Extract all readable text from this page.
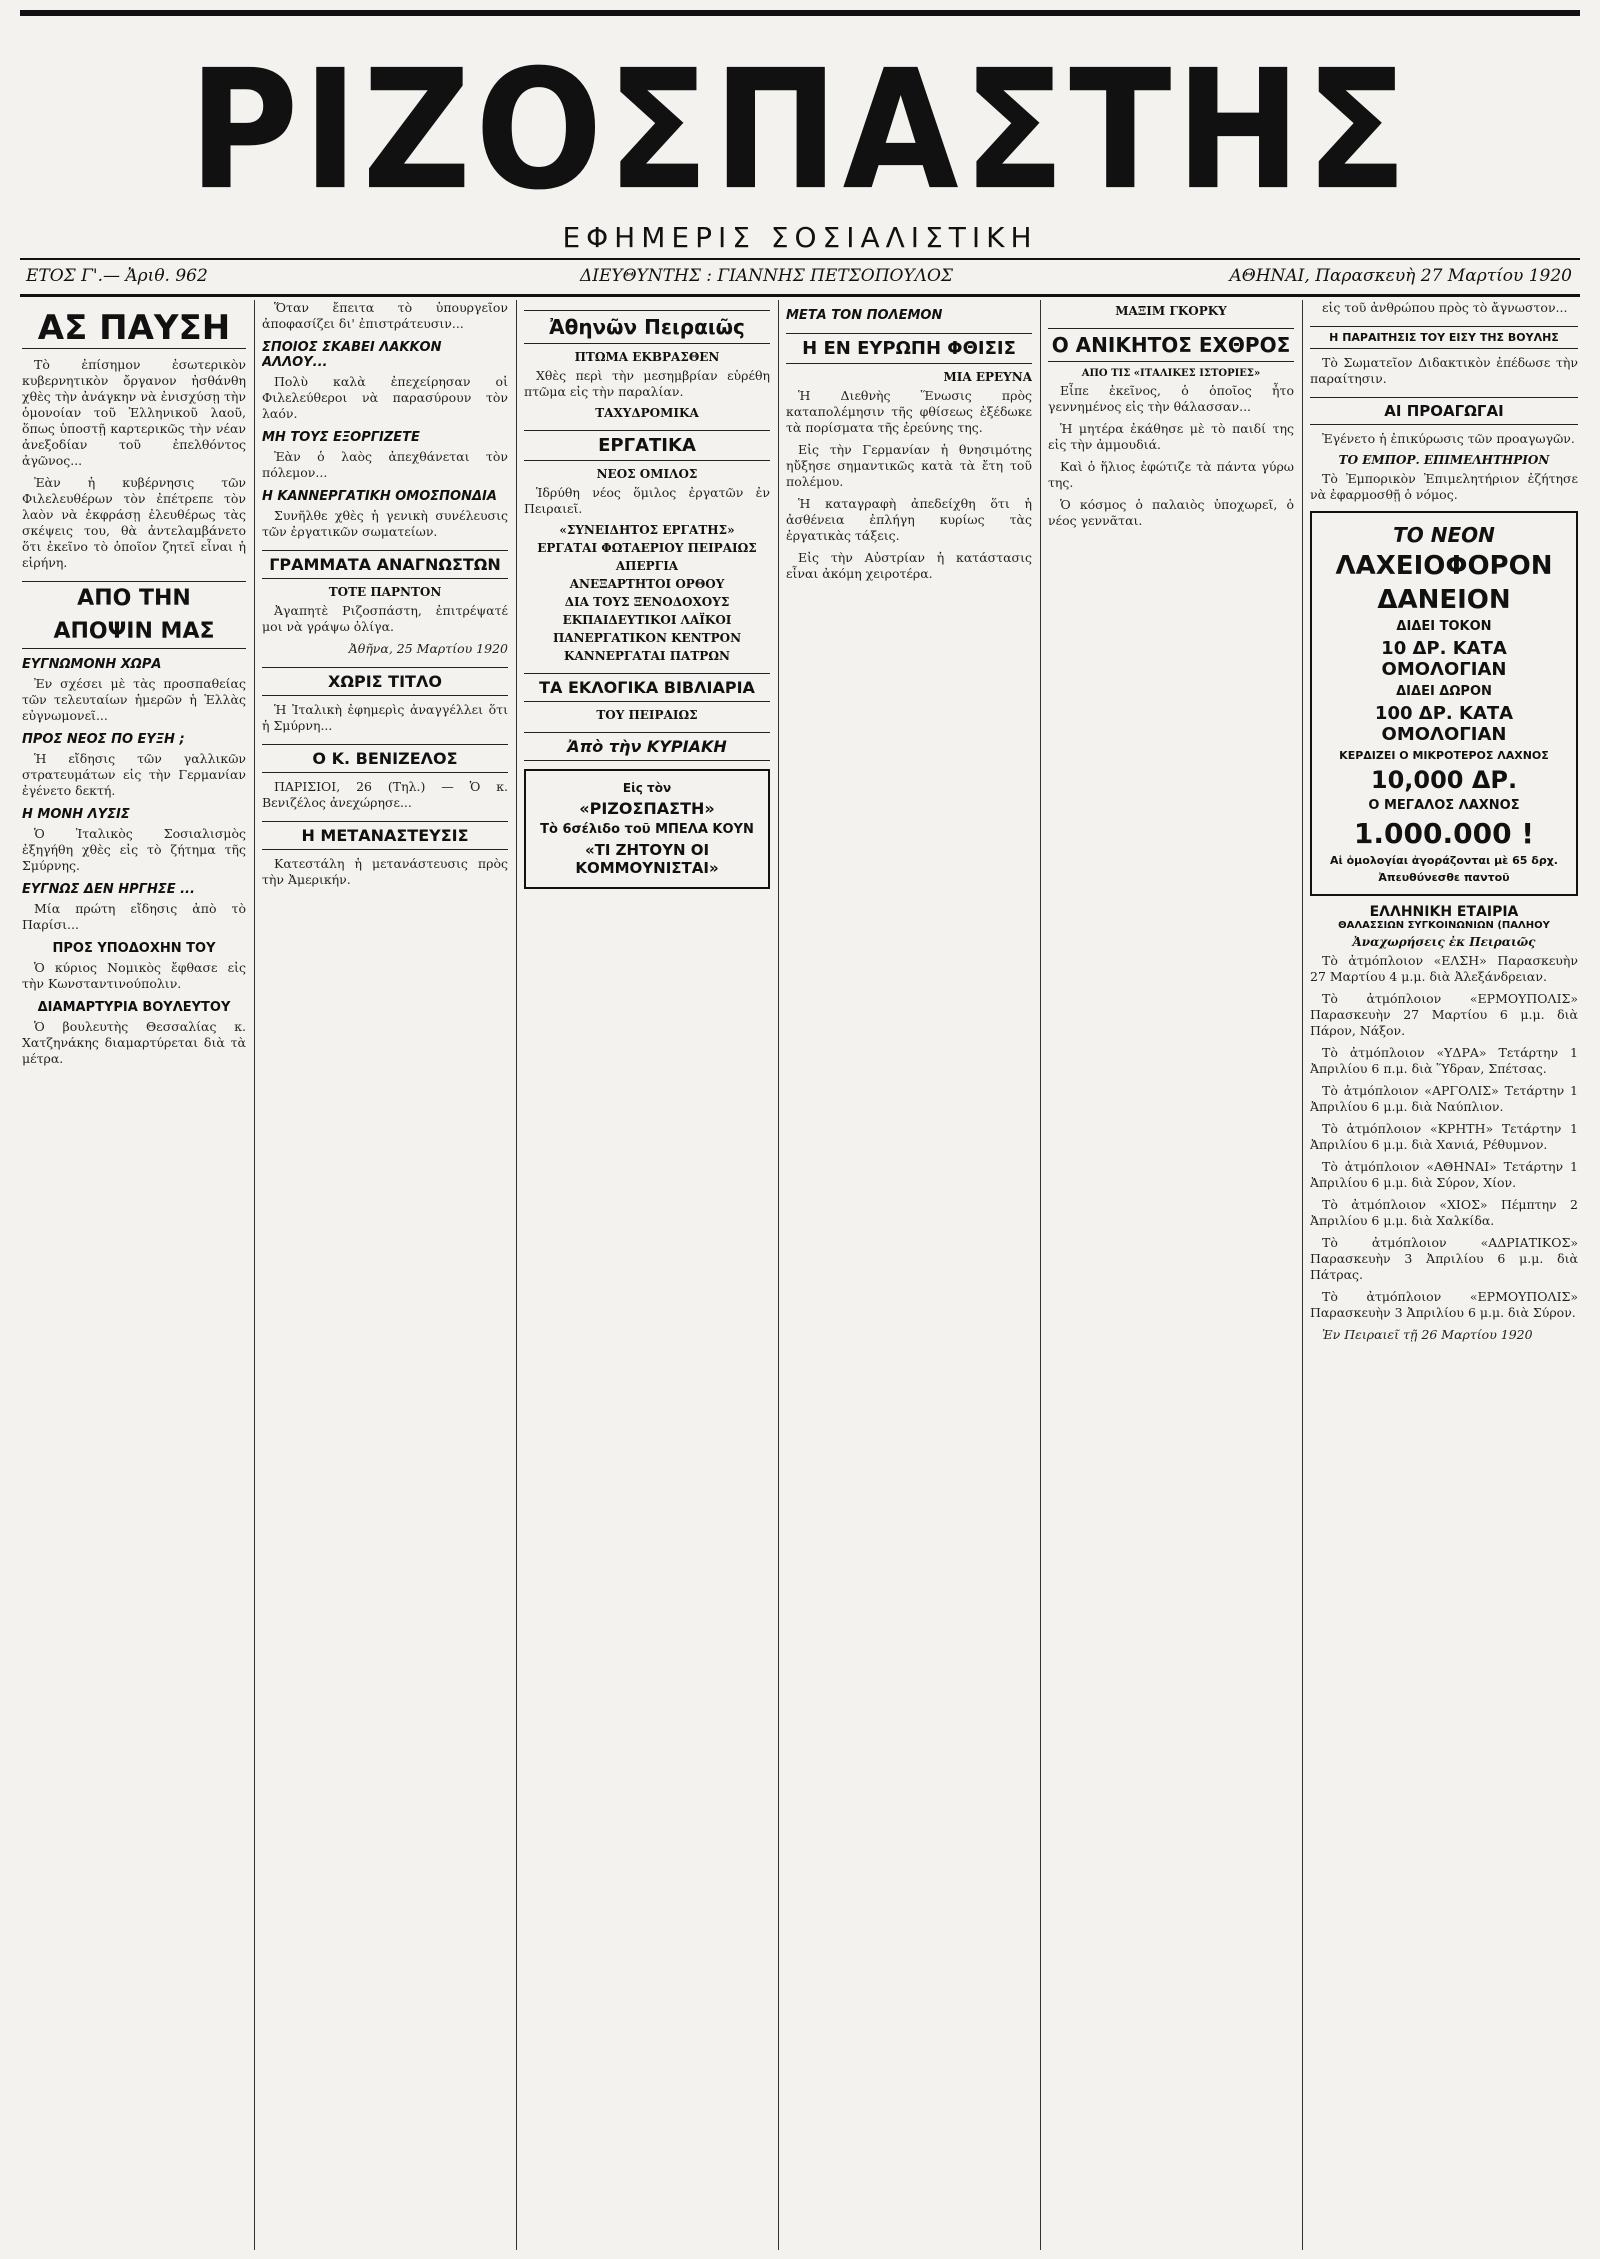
ΡΙΖΟΣΠΑΣΤΗΣ
ΕΦΗΜΕΡΙΣ ΣΟΣΙΑΛΙΣΤΙΚΗ
ΕΤΟΣ Γ'.— Ἀριθ. 962	ΔΙΕΥΘΥΝΤΗΣ : ΓΙΑΝΝΗΣ ΠΕΤΣΟΠΟΥΛΟΣ	ΑΘΗΝΑΙ, Παρασκευὴ 27 Μαρτίου 1920
ΑΣ ΠΑΥΣΗ

Τὸ ἐπίσημον ἐσωτερικὸν κυβερνητικὸν ὄργανον ἠσθάνθη χθὲς τὴν ἀνάγκην νὰ ἐνισχύσῃ τὴν ὁμονοίαν τοῦ Ἑλληνικοῦ λαοῦ, ὅπως ὑποστῇ καρτερικῶς τὴν νέαν ἀνεξοδίαν τοῦ ἐπελθόντος ἀγῶνος...

Ἐὰν ἡ κυβέρνησις τῶν Φιλελευθέρων τὸν ἐπέτρεπε τὸν λαὸν νὰ ἐκφράσῃ ἐλευθέρως τὰς σκέψεις του, θὰ ἀντελαμβάνετο ὅτι ἐκεῖνο τὸ ὁποῖον ζητεῖ εἶναι ἡ εἰρήνη.

ΑΠΟ ΤΗΝ
ΑΠΟΨΙΝ ΜΑΣ
ΕΥΓΝΩΜΟΝΗ ΧΩΡΑ

Ἐν σχέσει μὲ τὰς προσπαθείας τῶν τελευταίων ἡμερῶν ἡ Ἑλλὰς εὐγνωμονεῖ...

ΠΡΟΣ ΝΕΟΣ ΠΟ ΕΥΞΗ ;

Ἡ εἴδησις τῶν γαλλικῶν στρατευμάτων εἰς τὴν Γερμανίαν ἐγένετο δεκτή.

Η ΜΟΝΗ ΛΥΣΙΣ

Ὁ Ἰταλικὸς Σοσιαλισμὸς ἐξηγήθη χθὲς εἰς τὸ ζήτημα τῆς Σμύρνης.

ΕΥΓΝΩΣ ΔΕΝ ΗΡΓΗΣΕ ...

Μία πρώτη εἴδησις ἀπὸ τὸ Παρίσι...

ΠΡΟΣ ΥΠΟΔΟΧΗΝ ΤΟΥ

Ὁ κύριος Νομικὸς ἔφθασε εἰς τὴν Κωνσταντινούπολιν.

ΔΙΑΜΑΡΤΥΡΙΑ ΒΟΥΛΕΥΤΟΥ

Ὁ βουλευτὴς Θεσσαλίας κ. Χατζηνάκης διαμαρτύρεται διὰ τὰ μέτρα.

Ὅταν ἔπειτα τὸ ὑπουργεῖον ἀποφασίζει δι' ἐπιστράτευσιν...

ΣΠΟΙΟΣ ΣΚΑΒΕΙ ΛΑΚΚΟΝ ΑΛΛΟΥ...

Πολὺ καλὰ ἐπεχείρησαν οἱ Φιλελεύθεροι νὰ παρασύρουν τὸν λαόν.

ΜΗ ΤΟΥΣ ΕΞΟΡΓΙΖΕΤΕ

Ἐὰν ὁ λαὸς ἀπεχθάνεται τὸν πόλεμον...

Η ΚΑΝΝΕΡΓΑΤΙΚΗ ΟΜΟΣΠΟΝΔΙΑ

Συνῆλθε χθὲς ἡ γενικὴ συνέλευσις τῶν ἐργατικῶν σωματείων.

ΓΡΑΜΜΑΤΑ ΑΝΑΓΝΩΣΤΩΝ
ΤΟΤΕ ΠΑΡΝΤΟΝ

Ἀγαπητὲ Ριζοσπάστη, ἐπιτρέψατέ μοι νὰ γράψω ὀλίγα.

Ἀθῆνα, 25 Μαρτίου 1920

ΧΩΡΙΣ ΤΙΤΛΟ

Ἡ Ἰταλικὴ ἐφημερὶς ἀναγγέλλει ὅτι ἡ Σμύρνη...

Ο Κ. ΒΕΝΙΖΕΛΟΣ

ΠΑΡΙΣΙΟΙ, 26 (Τηλ.) — Ὁ κ. Βενιζέλος ἀνεχώρησε...

Η ΜΕΤΑΝΑΣΤΕΥΣΙΣ

Κατεστάλη ἡ μετανάστευσις πρὸς τὴν Ἀμερικήν.

Ἀθηνῶν Πειραιῶς
ΠΤΩΜΑ ΕΚΒΡΑΣΘΕΝ

Χθὲς περὶ τὴν μεσημβρίαν εὑρέθη πτῶμα εἰς τὴν παραλίαν.

ΤΑΧΥΔΡΟΜΙΚΑ
ΕΡΓΑΤΙΚΑ
ΝΕΟΣ ΟΜΙΛΟΣ

Ἱδρύθη νέος ὅμιλος ἐργατῶν ἐν Πειραιεῖ.

«ΣΥΝΕΙΔΗΤΟΣ ΕΡΓΑΤΗΣ»
ΕΡΓΑΤΑΙ ΦΩΤΑΕΡΙΟΥ ΠΕΙΡΑΙΩΣ
ΑΠΕΡΓΙΑ
ΑΝΕΞΑΡΤΗΤΟΙ ΟΡΘΟΥ
ΔΙΑ ΤΟΥΣ ΞΕΝΟΔΟΧΟΥΣ
ΕΚΠΑΙΔΕΥΤΙΚΟΙ ΛΑΪΚΟΙ
ΠΑΝΕΡΓΑΤΙΚΟΝ ΚΕΝΤΡΟΝ
ΚΑΝΝΕΡΓΑΤΑΙ ΠΑΤΡΩΝ
ΤΑ ΕΚΛΟΓΙΚΑ ΒΙΒΛΙΑΡΙΑ
ΤΟΥ ΠΕΙΡΑΙΩΣ
Ἀπὸ τὴν ΚΥΡΙΑΚΗ
Εἰς τὸν
«ΡΙΖΟΣΠΑΣΤΗ»
Τὸ 6σέλιδο τοῦ ΜΠΕΛΑ ΚΟΥΝ
«ΤΙ ΖΗΤΟΥΝ ΟΙ ΚΟΜΜΟΥΝΙΣΤΑΙ»
ΜΕΤΑ ΤΟΝ ΠΟΛΕΜΟΝ
Η ΕΝ ΕΥΡΩΠΗ ΦΘΙΣΙΣ
ΜΙΑ ΕΡΕΥΝΑ

Ἡ Διεθνὴς Ἕνωσις πρὸς καταπολέμησιν τῆς φθίσεως ἐξέδωκε τὰ πορίσματα τῆς ἐρεύνης της.

Εἰς τὴν Γερμανίαν ἡ θνησιμότης ηὔξησε σημαντικῶς κατὰ τὰ ἔτη τοῦ πολέμου.

Ἡ καταγραφὴ ἀπεδείχθη ὅτι ἡ ἀσθένεια ἐπλήγη κυρίως τὰς ἐργατικὰς τάξεις.

Εἰς τὴν Αὐστρίαν ἡ κατάστασις εἶναι ἀκόμη χειροτέρα.

ΜΑΞΙΜ ΓΚΟΡΚΥ
Ο ΑΝΙΚΗΤΟΣ ΕΧΘΡΟΣ
ΑΠΟ ΤΙΣ «ΙΤΑΛΙΚΕΣ ΙΣΤΟΡΙΕΣ»

Εἶπε ἐκεῖνος, ὁ ὁποῖος ἦτο γεννημένος εἰς τὴν θάλασσαν...

Ἡ μητέρα ἐκάθησε μὲ τὸ παιδί της εἰς τὴν ἀμμουδιά.

Καὶ ὁ ἥλιος ἐφώτιζε τὰ πάντα γύρω της.

Ὁ κόσμος ὁ παλαιὸς ὑποχωρεῖ, ὁ νέος γεννᾶται.

εἰς τοῦ ἀνθρώπου πρὸς τὸ ἄγνωστον...

Η ΠΑΡΑΙΤΗΣΙΣ ΤΟΥ ΕΙΣΥ ΤΗΣ ΒΟΥΛΗΣ

Τὸ Σωματεῖον Διδακτικὸν ἐπέδωσε τὴν παραίτησιν.

ΑΙ ΠΡΟΑΓΩΓΑΙ

Ἐγένετο ἡ ἐπικύρωσις τῶν προαγωγῶν.

ΤΟ ΕΜΠΟΡ. ΕΠΙΜΕΛΗΤΗΡΙΟΝ

Τὸ Ἐμπορικὸν Ἐπιμελητήριον ἐζήτησε νὰ ἐφαρμοσθῇ ὁ νόμος.

ΤΟ ΝΕΟΝ
ΛΑΧΕΙΟΦΟΡΟΝ
ΔΑΝΕΙΟΝ
ΔΙΔΕΙ ΤΟΚΟΝ
10 ΔΡ. ΚΑΤΑ ΟΜΟΛΟΓΙΑΝ
ΔΙΔΕΙ ΔΩΡΟΝ
100 ΔΡ. ΚΑΤΑ ΟΜΟΛΟΓΙΑΝ
ΚΕΡΔΙΖΕΙ Ο ΜΙΚΡΟΤΕΡΟΣ ΛΑΧΝΟΣ
10,000 ΔΡ.
Ο ΜΕΓΑΛΟΣ ΛΑΧΝΟΣ
1.000.000 !
Αἱ ὁμολογίαι ἀγοράζονται μὲ 65 δρχ.
Ἀπευθύνεσθε παντοῦ
ΕΛΛΗΝΙΚΗ ΕΤΑΙΡΙΑ
ΘΑΛΑΣΣΙΩΝ ΣΥΓΚΟΙΝΩΝΙΩΝ (ΠΑΛΗΟΥ
Ἀναχωρήσεις ἐκ Πειραιῶς

Τὸ ἀτμόπλοιον «ΕΛΣΗ» Παρασκευὴν 27 Μαρτίου 4 μ.μ. διὰ Ἀλεξάνδρειαν.

Τὸ ἀτμόπλοιον «ΕΡΜΟΥΠΟΛΙΣ» Παρασκευὴν 27 Μαρτίου 6 μ.μ. διὰ Πάρον, Νάξον.

Τὸ ἀτμόπλοιον «ΥΔΡΑ» Τετάρτην 1 Ἀπριλίου 6 π.μ. διὰ Ὕδραν, Σπέτσας.

Τὸ ἀτμόπλοιον «ΑΡΓΟΛΙΣ» Τετάρτην 1 Ἀπριλίου 6 μ.μ. διὰ Ναύπλιον.

Τὸ ἀτμόπλοιον «ΚΡΗΤΗ» Τετάρτην 1 Ἀπριλίου 6 μ.μ. διὰ Χανιά, Ρέθυμνον.

Τὸ ἀτμόπλοιον «ΑΘΗΝΑΙ» Τετάρτην 1 Ἀπριλίου 6 μ.μ. διὰ Σύρον, Χίον.

Τὸ ἀτμόπλοιον «ΧΙΟΣ» Πέμπτην 2 Ἀπριλίου 6 μ.μ. διὰ Χαλκίδα.

Τὸ ἀτμόπλοιον «ΑΔΡΙΑΤΙΚΟΣ» Παρασκευὴν 3 Ἀπριλίου 6 μ.μ. διὰ Πάτρας.

Τὸ ἀτμόπλοιον «ΕΡΜΟΥΠΟΛΙΣ» Παρασκευὴν 3 Ἀπριλίου 6 μ.μ. διὰ Σύρον.

Ἐν Πειραιεῖ τῇ 26 Μαρτίου 1920
